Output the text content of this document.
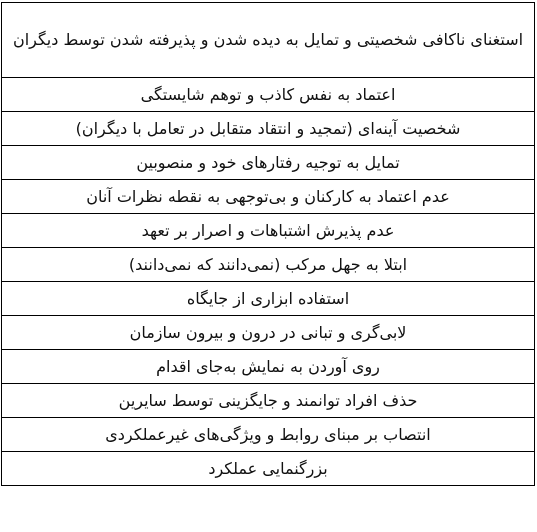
استغنای ناکافی شخصیتی و تمایل به دیده شدن و پذیرفته شدن توسط دیگران
اعتماد به نفس کاذب و توهم شایستگی
شخصیت آینه‌ای (تمجید و انتقاد متقابل در تعامل با دیگران)
تمایل به توجیه رفتارهای خود و منصوبین
عدم اعتماد به کارکنان و بی‌توجهی به نقطه نظرات آنان
عدم پذیرش اشتباهات و اصرار بر تعهد
ابتلا به جهل مرکب (نمی‌دانند که نمی‌دانند)
استفاده ابزاری از جایگاه
لابی‌گری و تبانی در درون و بیرون سازمان
روی آوردن به نمایش به‌جای اقدام
حذف افراد توانمند و جایگزینی توسط سایرین
انتصاب بر مبنای روابط و ویژگی‌های غیرعملکردی
بزرگنمایی عملکرد
